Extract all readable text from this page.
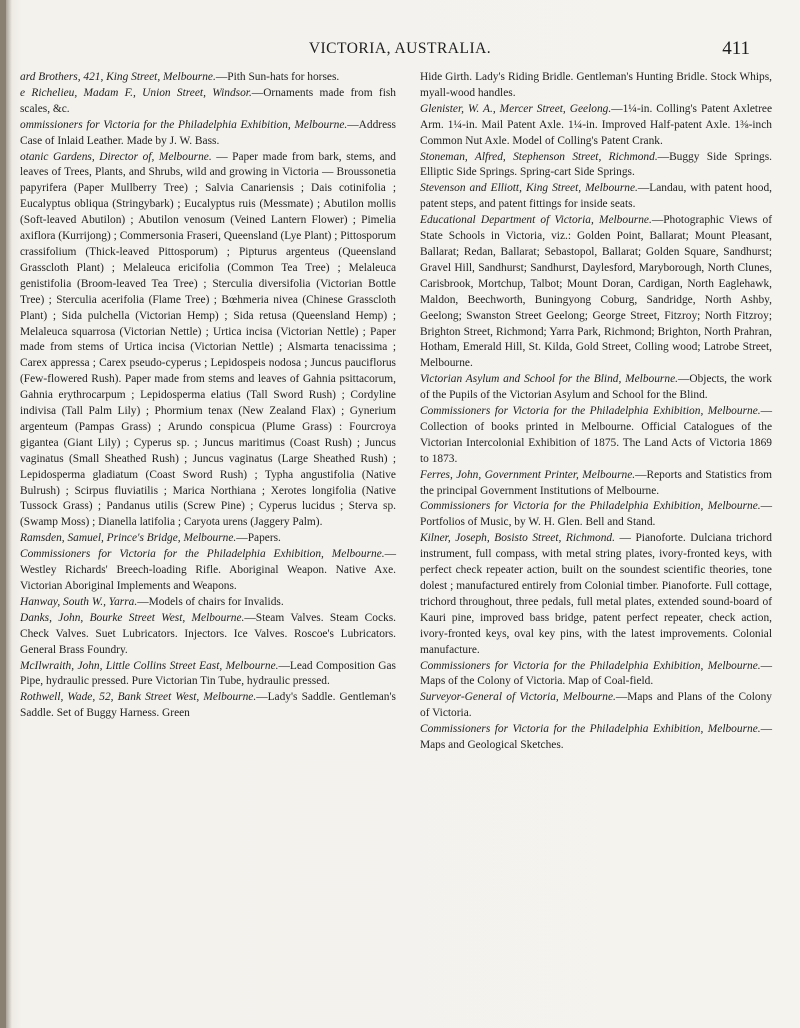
VICTORIA, AUSTRALIA.	411

ard Brothers, 421, King Street, Melbourne.—Pith Sun-hats for horses.

e Richelieu, Madam F., Union Street, Windsor.—Ornaments made from fish scales, &c.

ommissioners for Victoria for the Philadelphia Exhibition, Melbourne.—Address Case of Inlaid Leather. Made by J. W. Bass.

otanic Gardens, Director of, Melbourne. — Paper made from bark, stems, and leaves of Trees, Plants, and Shrubs, wild and growing in Victoria — Broussonetia papyrifera (Paper Mullberry Tree) ; Salvia Canariensis ; Dais cotinifolia ; Eucalyptus obliqua (Stringybark) ; Eucalyptus ruis (Messmate) ; Abutilon mollis (Soft-leaved Abutilon) ; Abutilon venosum (Veined Lantern Flower) ; Pimelia axiflora (Kurrijong) ; Commersonia Fraseri, Queensland (Lye Plant) ; Pittosporum crassifolium (Thick-leaved Pittosporum) ; Pipturus argenteus (Queensland Grasscloth Plant) ; Melaleuca ericifolia (Common Tea Tree) ; Melaleuca genistifolia (Broom-leaved Tea Tree) ; Sterculia diversifolia (Victorian Bottle Tree) ; Sterculia acerifolia (Flame Tree) ; Bœhmeria nivea (Chinese Grasscloth Plant) ; Sida pulchella (Victorian Hemp) ; Sida retusa (Queensland Hemp) ; Melaleuca squarrosa (Victorian Nettle) ; Urtica incisa (Victorian Nettle) ; Paper made from stems of Urtica incisa (Victorian Nettle) ; Alsmarta tenacissima ; Carex appressa ; Carex pseudo-cyperus ; Lepidospeis nodosa ; Juncus pauciflorus (Few-flowered Rush). Paper made from stems and leaves of Gahnia psittacorum, Gahnia erythrocarpum ; Lepidosperma elatius (Tall Sword Rush) ; Cordyline indivisa (Tall Palm Lily) ; Phormium tenax (New Zealand Flax) ; Gynerium argenteum (Pampas Grass) ; Arundo conspicua (Plume Grass) : Fourcroya gigantea (Giant Lily) ; Cyperus sp. ; Juncus maritimus (Coast Rush) ; Juncus vaginatus (Small Sheathed Rush) ; Juncus vaginatus (Large Sheathed Rush) ; Lepidosperma gladiatum (Coast Sword Rush) ; Typha angustifolia (Native Bulrush) ; Scirpus fluviatilis ; Marica Northiana ; Xerotes longifolia (Native Tussock Grass) ; Pandanus utilis (Screw Pine) ; Cyperus lucidus ; Sterva sp. (Swamp Moss) ; Dianella latifolia ; Caryota urens (Jaggery Palm).

Ramsden, Samuel, Prince's Bridge, Melbourne.—Papers.

Commissioners for Victoria for the Philadelphia Exhibition, Melbourne.—Westley Richards' Breech-loading Rifle. Aboriginal Weapon. Native Axe. Victorian Aboriginal Implements and Weapons.

Hanway, South W., Yarra.—Models of chairs for Invalids.

Danks, John, Bourke Street West, Melbourne.—Steam Valves. Steam Cocks. Check Valves. Suet Lubricators. Injectors. Ice Valves. Roscoe's Lubricators. General Brass Foundry.

McIlwraith, John, Little Collins Street East, Melbourne.—Lead Composition Gas Pipe, hydraulic pressed. Pure Victorian Tin Tube, hydraulic pressed.

Rothwell, Wade, 52, Bank Street West, Melbourne.—Lady's Saddle. Gentleman's Saddle. Set of Buggy Harness. Green

Hide Girth. Lady's Riding Bridle. Gentleman's Hunting Bridle. Stock Whips, myall-wood handles.

Glenister, W. A., Mercer Street, Geelong.—1¼-in. Colling's Patent Axletree Arm. 1¼-in. Mail Patent Axle. 1¼-in. Improved Half-patent Axle. 1⅜-inch Common Nut Axle. Model of Colling's Patent Crank.

Stoneman, Alfred, Stephenson Street, Richmond.—Buggy Side Springs. Elliptic Side Springs. Spring-cart Side Springs.

Stevenson and Elliott, King Street, Melbourne.—Landau, with patent hood, patent steps, and patent fittings for inside seats.

Educational Department of Victoria, Melbourne.—Photographic Views of State Schools in Victoria, viz.: Golden Point, Ballarat; Mount Pleasant, Ballarat; Redan, Ballarat; Sebastopol, Ballarat; Golden Square, Sandhurst; Gravel Hill, Sandhurst; Sandhurst, Daylesford, Maryborough, North Clunes, Carisbrook, Mortchup, Talbot; Mount Doran, Cardigan, North Eaglehawk, Maldon, Beechworth, Buningyong Coburg, Sandridge, North Ashby, Geelong; Swanston Street Geelong; George Street, Fitzroy; North Fitzroy; Brighton Street, Richmond; Yarra Park, Richmond; Brighton, North Prahran, Hotham, Emerald Hill, St. Kilda, Gold Street, Colling wood; Latrobe Street, Melbourne.

Victorian Asylum and School for the Blind, Melbourne.—Objects, the work of the Pupils of the Victorian Asylum and School for the Blind.

Commissioners for Victoria for the Philadelphia Exhibition, Melbourne.—Collection of books printed in Melbourne. Official Catalogues of the Victorian Intercolonial Exhibition of 1875. The Land Acts of Victoria 1869 to 1873.

Ferres, John, Government Printer, Melbourne.—Reports and Statistics from the principal Government Institutions of Melbourne.

Commissioners for Victoria for the Philadelphia Exhibition, Melbourne.—Portfolios of Music, by W. H. Glen. Bell and Stand.

Kilner, Joseph, Bosisto Street, Richmond. — Pianoforte. Dulciana trichord instrument, full compass, with metal string plates, ivory-fronted keys, with perfect check repeater action, built on the soundest scientific theories, tone dolest ; manufactured entirely from Colonial timber. Pianoforte. Full cottage, trichord throughout, three pedals, full metal plates, extended sound-board of Kauri pine, improved bass bridge, patent perfect repeater, check action, ivory-fronted keys, oval key pins, with the latest improvements. Colonial manufacture.

Commissioners for Victoria for the Philadelphia Exhibition, Melbourne.—Maps of the Colony of Victoria. Map of Coal-field.

Surveyor-General of Victoria, Melbourne.—Maps and Plans of the Colony of Victoria.

Commissioners for Victoria for the Philadelphia Exhibition, Melbourne.—Maps and Geological Sketches.
